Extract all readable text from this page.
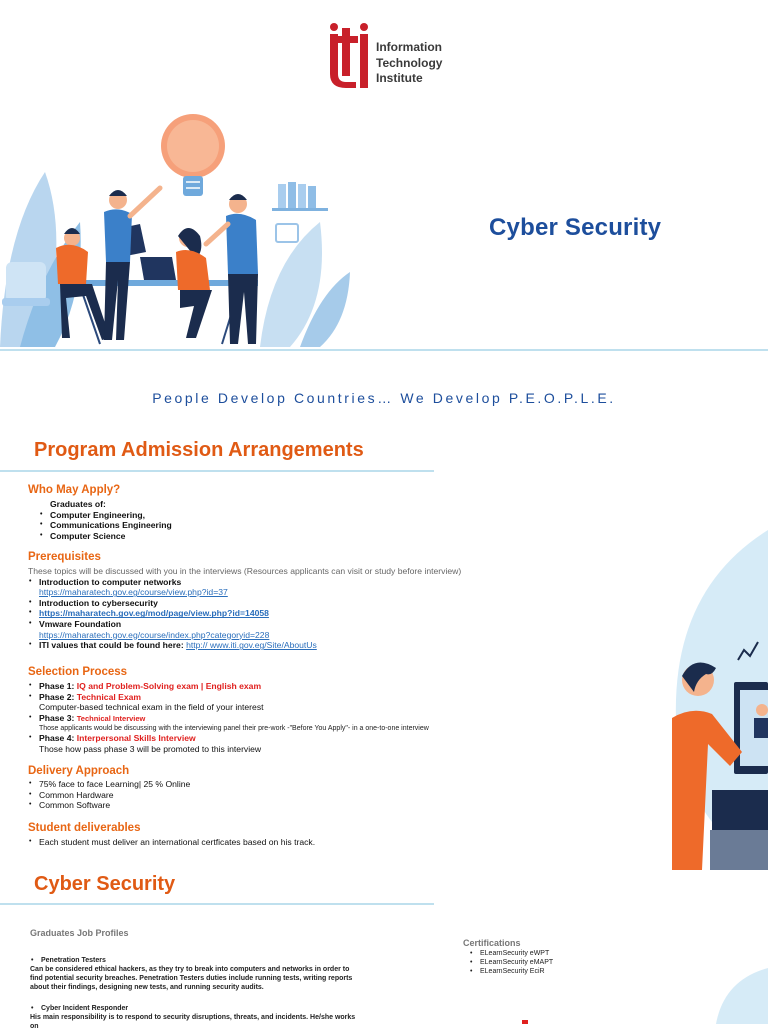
Information
Technology
Institute
Cyber Security
People Develop Countries… We Develop P.E.O.P.L.E.
Program Admission Arrangements
Who May Apply?
Graduates of:
• Computer Engineering,
• Communications Engineering
• Computer Science
Prerequisites
These topics will be discussed with you in the interviews (Resources applicants can visit or study before interview)
• Introduction to computer networks
https://maharatech.gov.eg/course/view.php?id=37
• Introduction to cybersecurity
• https://maharatech.gov.eg/mod/page/view.php?id=14058
• Vmware Foundation
https://maharatech.gov.eg/course/index.php?categoryid=228
• ITI values that could be found here: http:// www.iti.gov.eg/Site/AboutUs
Selection Process
• Phase 1: IQ and Problem-Solving exam | English exam
• Phase 2: Technical Exam
Computer-based technical exam in the field of your interest
• Phase 3: Technical Interview
Those applicants would be discussing with the interviewing panel their pre-work -"Before You Apply"- in a one-to-one interview
• Phase 4: Interpersonal Skills Interview
Those how pass phase 3 will be promoted to this interview
Delivery Approach
• 75% face to face Learning| 25 % Online
• Common Hardware
• Common Software
Student deliverables
• Each student must deliver an international certficates based on his track.
Cyber Security
Graduates Job Profiles
• Penetration Testers
Can be considered ethical hackers, as they try to break into computers and networks in order to find potential security breaches. Penetration Testers duties include running tests, writing reports about their findings, designing new tests, and running security audits.
• Cyber Incident Responder
His main responsibility is to respond to security disruptions, threats, and incidents. He/she works on
Certifications
• ELearnSecurity eWPT
• ELearnSecurity eMAPT
• ELearnSecurity EciR
